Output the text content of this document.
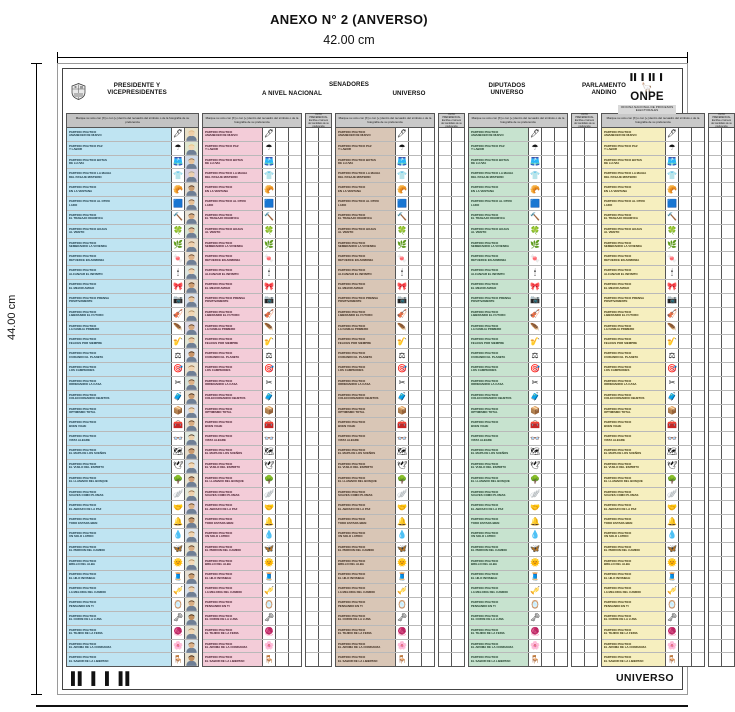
ANEXO N° 2 (ANVERSO)
42.00 cm
44.00 cm
PRESIDENTE Y
VICEPRESIDENTES	A NIVEL NACIONAL
SENADORES
UNIVERSO
DIPUTADOS
UNIVERSO
PARLAMENTO
ANDINO
▌▌ ▌ ▌▌ ▌
🦙
ONPE
OFICINA NACIONAL DE PROCESOS ELECTORALES
Marque su voto con [X] o con [+] dentro del recuadro del símbolo o de la fotografía de su preferencia
PARTIDO POLITICO
AMANECER DE NUEVO	🖊
PARTIDO POLITICO PAZ
Y LABOR	☂
PARTIDO POLITICO BOTAS
DE LLUVIA	🩳
PARTIDO POLITICO LA MAGIA
DEL PASAJE MISTERIO	👕
PARTIDO POLITICO
EN LA VENTANA	🥐
PARTIDO POLITICO AL OTRO
LADO	🟦
PARTIDO POLITICO
EL TRABAJO DIGNIFICA	🔨
PARTIDO POLITICO HOJAS
AL VIENTO	🍀
PARTIDO POLITICO
SEMBRANDO LA VIVIENDA	🌿
PARTIDO POLITICO
RETUERCE EN ARMONIA	🍬
PARTIDO POLITICO
ALCANZAR EL INFINITO	🕯
PARTIDO POLITICO
EL MEJOR AMIGO	🎀
PARTIDO POLITICO PRENSA
POSITIVAMENTE	📷
PARTIDO POLITICO
LIBERANDO EL FUTURO	🎻
PARTIDO POLITICO
LA FAMILIA PRIMERO	🪶
PARTIDO POLITICO
FELICES POR SIEMPRE	🎷
PARTIDO POLITICO
CUIDANDO EL PLANETA	⚖
PARTIDO POLITICO
LOS CAMPEONES	🎯
PARTIDO POLITICO
ORDENANDO LA CASA	✂
PARTIDO POLITICO
COLECCIONANDO OBJETOS	🧳
PARTIDO POLITICO
OPTIMISMO TOTAL	📦
PARTIDO POLITICO
BUEN VIAJE	🧰
PARTIDO POLITICO
VISTA ALEGRE	👓
PARTIDO POLITICO
EL MAPA DE LOS SUEÑOS	🗺
PARTIDO POLITICO
EL VUELO DEL ESPIRITU	🕊
PARTIDO POLITICO
EL LLAMADO DEL BOSQUE	🌳
PARTIDO POLITICO
SUAVES COMO PLUMAS	🪽
PARTIDO POLITICO
EL ABRAZO DE LA PAZ	🤝
PARTIDO POLITICO
TODO ESTARA BIEN	🔔
PARTIDO POLITICO
UN SOLO LATIDO	💧
PARTIDO POLITICO
EL PERDON DEL CAMINO	🦋
PARTIDO POLITICO
BRILLO DEL ALBA	🌞
PARTIDO POLITICO
EL HILO INVISIBLE	🧵
PARTIDO POLITICO
LA MELODIA DEL CAMINO	🎺
PARTIDO POLITICO
PENSANDO EN TI	🪞
PARTIDO POLITICO
EL COFRE DE LA LUNA	🗝
PARTIDO POLITICO
EL TEJIDO DE LA FERIA	🧶
PARTIDO POLITICO
EL AROMA DE LA CONFIANZA	🌸
PARTIDO POLITICO
EL SABOR DE LA LIBERTAD	🪑
Marque su voto con [X] o con [+] dentro del recuadro del símbolo o de la fotografía de su preferencia
PARTIDO POLITICO
AMANECER DE NUEVO	🖊
PARTIDO POLITICO PAZ
Y LABOR	☂
PARTIDO POLITICO BOTAS
DE LLUVIA	🩳
PARTIDO POLITICO LA MAGIA
DEL PASAJE MISTERIO	👕
PARTIDO POLITICO
EN LA VENTANA	🥐
PARTIDO POLITICO AL OTRO
LADO	🟦
PARTIDO POLITICO
EL TRABAJO DIGNIFICA	🔨
PARTIDO POLITICO HOJAS
AL VIENTO	🍀
PARTIDO POLITICO
SEMBRANDO LA VIVIENDA	🌿
PARTIDO POLITICO
RETUERCE EN ARMONIA	🍬
PARTIDO POLITICO
ALCANZAR EL INFINITO	🕯
PARTIDO POLITICO
EL MEJOR AMIGO	🎀
PARTIDO POLITICO PRENSA
POSITIVAMENTE	📷
PARTIDO POLITICO
LIBERANDO EL FUTURO	🎻
PARTIDO POLITICO
LA FAMILIA PRIMERO	🪶
PARTIDO POLITICO
FELICES POR SIEMPRE	🎷
PARTIDO POLITICO
CUIDANDO EL PLANETA	⚖
PARTIDO POLITICO
LOS CAMPEONES	🎯
PARTIDO POLITICO
ORDENANDO LA CASA	✂
PARTIDO POLITICO
COLECCIONANDO OBJETOS	🧳
PARTIDO POLITICO
OPTIMISMO TOTAL	📦
PARTIDO POLITICO
BUEN VIAJE	🧰
PARTIDO POLITICO
VISTA ALEGRE	👓
PARTIDO POLITICO
EL MAPA DE LOS SUEÑOS	🗺
PARTIDO POLITICO
EL VUELO DEL ESPIRITU	🕊
PARTIDO POLITICO
EL LLAMADO DEL BOSQUE	🌳
PARTIDO POLITICO
SUAVES COMO PLUMAS	🪽
PARTIDO POLITICO
EL ABRAZO DE LA PAZ	🤝
PARTIDO POLITICO
TODO ESTARA BIEN	🔔
PARTIDO POLITICO
UN SOLO LATIDO	💧
PARTIDO POLITICO
EL PERDON DEL CAMINO	🦋
PARTIDO POLITICO
BRILLO DEL ALBA	🌞
PARTIDO POLITICO
EL HILO INVISIBLE	🧵
PARTIDO POLITICO
LA MELODIA DEL CAMINO	🎺
PARTIDO POLITICO
PENSANDO EN TI	🪞
PARTIDO POLITICO
EL COFRE DE LA LUNA	🗝
PARTIDO POLITICO
EL TEJIDO DE LA FERIA	🧶
PARTIDO POLITICO
EL AROMA DE LA CONFIANZA	🌸
PARTIDO POLITICO
EL SABOR DE LA LIBERTAD	🪑
VOTO PREFERENCIAL Escriba el número del candidato de su preferencia
Marque su voto con [X] o con [+] dentro del recuadro del símbolo o de la fotografía de su preferencia
PARTIDO POLITICO
AMANECER DE NUEVO	🖊
PARTIDO POLITICO PAZ
Y LABOR	☂
PARTIDO POLITICO BOTAS
DE LLUVIA	🩳
PARTIDO POLITICO LA MAGIA
DEL PASAJE MISTERIO	👕
PARTIDO POLITICO
EN LA VENTANA	🥐
PARTIDO POLITICO AL OTRO
LADO	🟦
PARTIDO POLITICO
EL TRABAJO DIGNIFICA	🔨
PARTIDO POLITICO HOJAS
AL VIENTO	🍀
PARTIDO POLITICO
SEMBRANDO LA VIVIENDA	🌿
PARTIDO POLITICO
RETUERCE EN ARMONIA	🍬
PARTIDO POLITICO
ALCANZAR EL INFINITO	🕯
PARTIDO POLITICO
EL MEJOR AMIGO	🎀
PARTIDO POLITICO PRENSA
POSITIVAMENTE	📷
PARTIDO POLITICO
LIBERANDO EL FUTURO	🎻
PARTIDO POLITICO
LA FAMILIA PRIMERO	🪶
PARTIDO POLITICO
FELICES POR SIEMPRE	🎷
PARTIDO POLITICO
CUIDANDO EL PLANETA	⚖
PARTIDO POLITICO
LOS CAMPEONES	🎯
PARTIDO POLITICO
ORDENANDO LA CASA	✂
PARTIDO POLITICO
COLECCIONANDO OBJETOS	🧳
PARTIDO POLITICO
OPTIMISMO TOTAL	📦
PARTIDO POLITICO
BUEN VIAJE	🧰
PARTIDO POLITICO
VISTA ALEGRE	👓
PARTIDO POLITICO
EL MAPA DE LOS SUEÑOS	🗺
PARTIDO POLITICO
EL VUELO DEL ESPIRITU	🕊
PARTIDO POLITICO
EL LLAMADO DEL BOSQUE	🌳
PARTIDO POLITICO
SUAVES COMO PLUMAS	🪽
PARTIDO POLITICO
EL ABRAZO DE LA PAZ	🤝
PARTIDO POLITICO
TODO ESTARA BIEN	🔔
PARTIDO POLITICO
UN SOLO LATIDO	💧
PARTIDO POLITICO
EL PERDON DEL CAMINO	🦋
PARTIDO POLITICO
BRILLO DEL ALBA	🌞
PARTIDO POLITICO
EL HILO INVISIBLE	🧵
PARTIDO POLITICO
LA MELODIA DEL CAMINO	🎺
PARTIDO POLITICO
PENSANDO EN TI	🪞
PARTIDO POLITICO
EL COFRE DE LA LUNA	🗝
PARTIDO POLITICO
EL TEJIDO DE LA FERIA	🧶
PARTIDO POLITICO
EL AROMA DE LA CONFIANZA	🌸
PARTIDO POLITICO
EL SABOR DE LA LIBERTAD	🪑
VOTO PREFERENCIAL Escriba el número del candidato de su preferencia
Marque su voto con [X] o con [+] dentro del recuadro del símbolo o de la fotografía de su preferencia
PARTIDO POLITICO
AMANECER DE NUEVO	🖊
PARTIDO POLITICO PAZ
Y LABOR	☂
PARTIDO POLITICO BOTAS
DE LLUVIA	🩳
PARTIDO POLITICO LA MAGIA
DEL PASAJE MISTERIO	👕
PARTIDO POLITICO
EN LA VENTANA	🥐
PARTIDO POLITICO AL OTRO
LADO	🟦
PARTIDO POLITICO
EL TRABAJO DIGNIFICA	🔨
PARTIDO POLITICO HOJAS
AL VIENTO	🍀
PARTIDO POLITICO
SEMBRANDO LA VIVIENDA	🌿
PARTIDO POLITICO
RETUERCE EN ARMONIA	🍬
PARTIDO POLITICO
ALCANZAR EL INFINITO	🕯
PARTIDO POLITICO
EL MEJOR AMIGO	🎀
PARTIDO POLITICO PRENSA
POSITIVAMENTE	📷
PARTIDO POLITICO
LIBERANDO EL FUTURO	🎻
PARTIDO POLITICO
LA FAMILIA PRIMERO	🪶
PARTIDO POLITICO
FELICES POR SIEMPRE	🎷
PARTIDO POLITICO
CUIDANDO EL PLANETA	⚖
PARTIDO POLITICO
LOS CAMPEONES	🎯
PARTIDO POLITICO
ORDENANDO LA CASA	✂
PARTIDO POLITICO
COLECCIONANDO OBJETOS	🧳
PARTIDO POLITICO
OPTIMISMO TOTAL	📦
PARTIDO POLITICO
BUEN VIAJE	🧰
PARTIDO POLITICO
VISTA ALEGRE	👓
PARTIDO POLITICO
EL MAPA DE LOS SUEÑOS	🗺
PARTIDO POLITICO
EL VUELO DEL ESPIRITU	🕊
PARTIDO POLITICO
EL LLAMADO DEL BOSQUE	🌳
PARTIDO POLITICO
SUAVES COMO PLUMAS	🪽
PARTIDO POLITICO
EL ABRAZO DE LA PAZ	🤝
PARTIDO POLITICO
TODO ESTARA BIEN	🔔
PARTIDO POLITICO
UN SOLO LATIDO	💧
PARTIDO POLITICO
EL PERDON DEL CAMINO	🦋
PARTIDO POLITICO
BRILLO DEL ALBA	🌞
PARTIDO POLITICO
EL HILO INVISIBLE	🧵
PARTIDO POLITICO
LA MELODIA DEL CAMINO	🎺
PARTIDO POLITICO
PENSANDO EN TI	🪞
PARTIDO POLITICO
EL COFRE DE LA LUNA	🗝
PARTIDO POLITICO
EL TEJIDO DE LA FERIA	🧶
PARTIDO POLITICO
EL AROMA DE LA CONFIANZA	🌸
PARTIDO POLITICO
EL SABOR DE LA LIBERTAD	🪑
VOTO PREFERENCIAL Escriba el número del candidato de su preferencia
Marque su voto con [X] o con [+] dentro del recuadro del símbolo o de la fotografía de su preferencia
PARTIDO POLITICO
AMANECER DE NUEVO	🖊
PARTIDO POLITICO PAZ
Y LABOR	☂
PARTIDO POLITICO BOTAS
DE LLUVIA	🩳
PARTIDO POLITICO LA MAGIA
DEL PASAJE MISTERIO	👕
PARTIDO POLITICO
EN LA VENTANA	🥐
PARTIDO POLITICO AL OTRO
LADO	🟦
PARTIDO POLITICO
EL TRABAJO DIGNIFICA	🔨
PARTIDO POLITICO HOJAS
AL VIENTO	🍀
PARTIDO POLITICO
SEMBRANDO LA VIVIENDA	🌿
PARTIDO POLITICO
RETUERCE EN ARMONIA	🍬
PARTIDO POLITICO
ALCANZAR EL INFINITO	🕯
PARTIDO POLITICO
EL MEJOR AMIGO	🎀
PARTIDO POLITICO PRENSA
POSITIVAMENTE	📷
PARTIDO POLITICO
LIBERANDO EL FUTURO	🎻
PARTIDO POLITICO
LA FAMILIA PRIMERO	🪶
PARTIDO POLITICO
FELICES POR SIEMPRE	🎷
PARTIDO POLITICO
CUIDANDO EL PLANETA	⚖
PARTIDO POLITICO
LOS CAMPEONES	🎯
PARTIDO POLITICO
ORDENANDO LA CASA	✂
PARTIDO POLITICO
COLECCIONANDO OBJETOS	🧳
PARTIDO POLITICO
OPTIMISMO TOTAL	📦
PARTIDO POLITICO
BUEN VIAJE	🧰
PARTIDO POLITICO
VISTA ALEGRE	👓
PARTIDO POLITICO
EL MAPA DE LOS SUEÑOS	🗺
PARTIDO POLITICO
EL VUELO DEL ESPIRITU	🕊
PARTIDO POLITICO
EL LLAMADO DEL BOSQUE	🌳
PARTIDO POLITICO
SUAVES COMO PLUMAS	🪽
PARTIDO POLITICO
EL ABRAZO DE LA PAZ	🤝
PARTIDO POLITICO
TODO ESTARA BIEN	🔔
PARTIDO POLITICO
UN SOLO LATIDO	💧
PARTIDO POLITICO
EL PERDON DEL CAMINO	🦋
PARTIDO POLITICO
BRILLO DEL ALBA	🌞
PARTIDO POLITICO
EL HILO INVISIBLE	🧵
PARTIDO POLITICO
LA MELODIA DEL CAMINO	🎺
PARTIDO POLITICO
PENSANDO EN TI	🪞
PARTIDO POLITICO
EL COFRE DE LA LUNA	🗝
PARTIDO POLITICO
EL TEJIDO DE LA FERIA	🧶
PARTIDO POLITICO
EL AROMA DE LA CONFIANZA	🌸
PARTIDO POLITICO
EL SABOR DE LA LIBERTAD	🪑
VOTO PREFERENCIAL Escriba el número del candidato de su preferencia
▌▌ ▌ ▌ ▌▌	UNIVERSO
